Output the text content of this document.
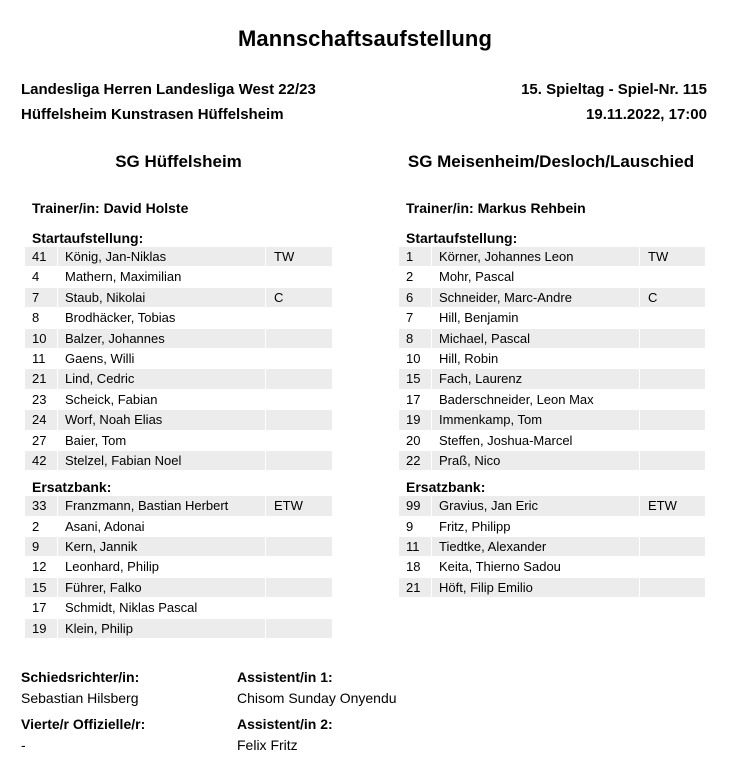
Mannschaftsaufstellung
Landesliga Herren Landesliga West 22/23
Hüffelsheim Kunstrasen Hüffelsheim
15. Spieltag - Spiel-Nr. 115
19.11.2022, 17:00
SG Hüffelsheim	SG Meisenheim/Desloch/Lauschied
Trainer/in: David Holste
Startaufstellung:
41	König, Jan-Niklas	TW
4	Mathern, Maximilian
7	Staub, Nikolai	C
8	Brodhäcker, Tobias
10	Balzer, Johannes
11	Gaens, Willi
21	Lind, Cedric
23	Scheick, Fabian
24	Worf, Noah Elias
27	Baier, Tom
42	Stelzel, Fabian Noel
Ersatzbank:
33	Franzmann, Bastian Herbert	ETW
2	Asani, Adonai
9	Kern, Jannik
12	Leonhard, Philip
15	Führer, Falko
17	Schmidt, Niklas Pascal
19	Klein, Philip
Trainer/in: Markus Rehbein
Startaufstellung:
1	Körner, Johannes Leon	TW
2	Mohr, Pascal
6	Schneider, Marc-Andre	C
7	Hill, Benjamin
8	Michael, Pascal
10	Hill, Robin
15	Fach, Laurenz
17	Baderschneider, Leon Max
19	Immenkamp, Tom
20	Steffen, Joshua-Marcel
22	Praß, Nico
Ersatzbank:
99	Gravius, Jan Eric	ETW
9	Fritz, Philipp
11	Tiedtke, Alexander
18	Keita, Thierno Sadou
21	Höft, Filip Emilio
Schiedsrichter/in:
Sebastian Hilsberg
Assistent/in 1:
Chisom Sunday Onyendu
Vierte/r Offizielle/r:
-
Assistent/in 2:
Felix Fritz
